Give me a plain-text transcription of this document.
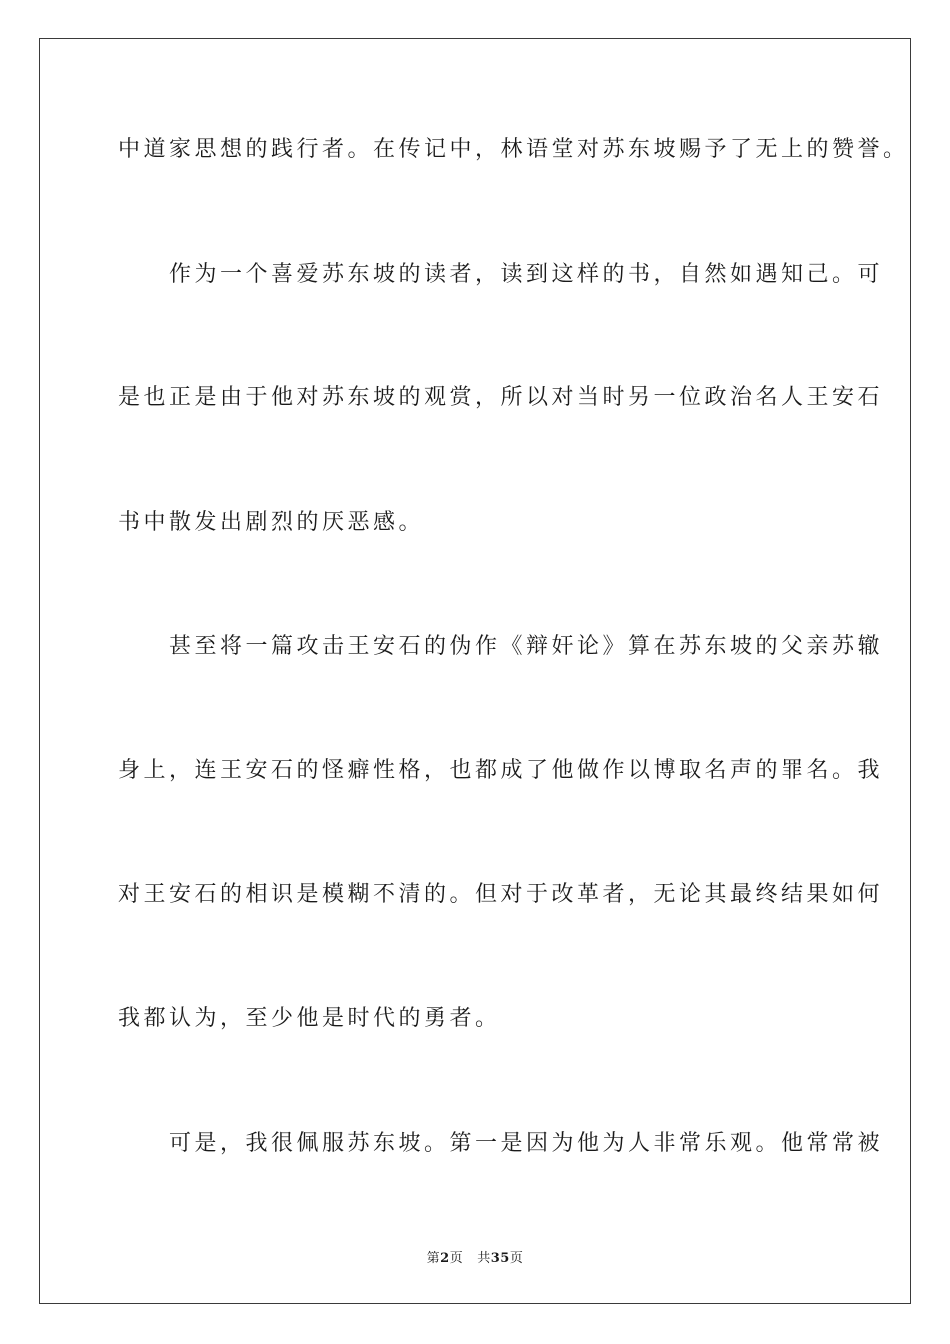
中道家思想的践行者。在传记中，林语堂对苏东坡赐予了无上的赞誉。
　　作为一个喜爱苏东坡的读者，读到这样的书，自然如遇知己。可
是也正是由于他对苏东坡的观赏，所以对当时另一位政治名人王安石
书中散发出剧烈的厌恶感。
　　甚至将一篇攻击王安石的伪作《辩奸论》算在苏东坡的父亲苏辙
身上，连王安石的怪癖性格，也都成了他做作以博取名声的罪名。我
对王安石的相识是模糊不清的。但对于改革者，无论其最终结果如何
我都认为，至少他是时代的勇者。
　　可是，我很佩服苏东坡。第一是因为他为人非常乐观。他常常被
第2页 共35页
